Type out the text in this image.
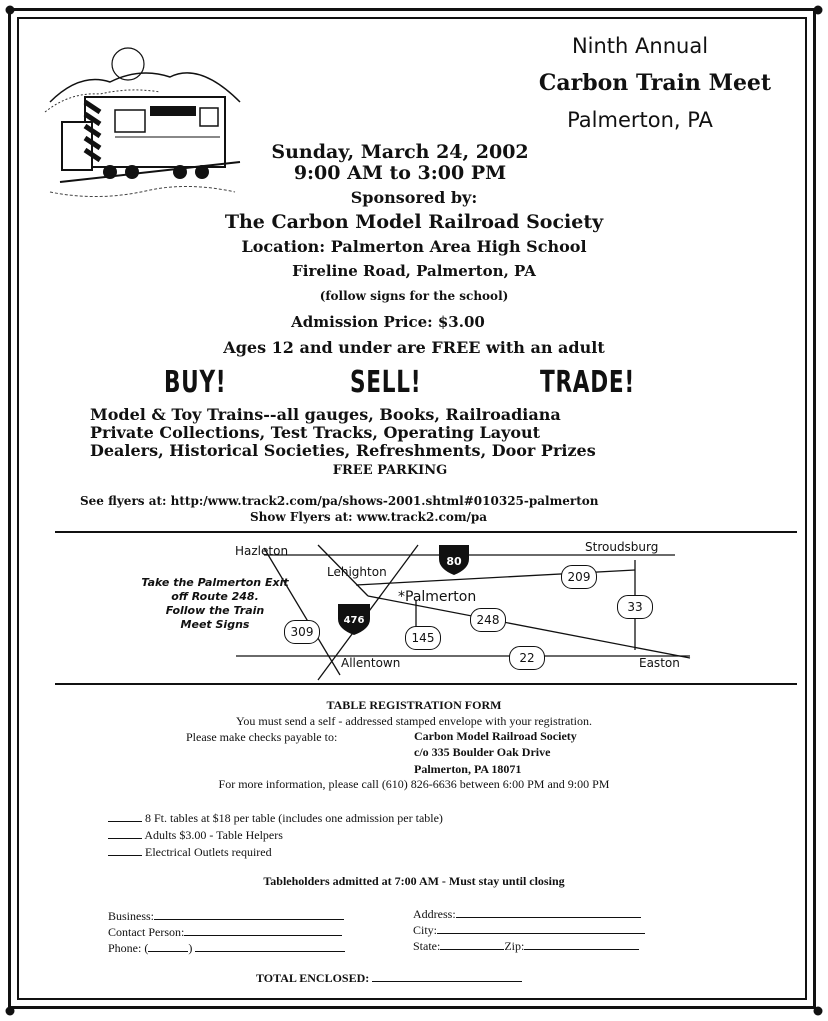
Ninth Annual
Carbon Train Meet
Palmerton, PA
Sunday, March 24, 2002
9:00 AM to 3:00 PM
Sponsored by:
The Carbon Model Railroad Society
Location: Palmerton Area High School
Fireline Road, Palmerton, PA
(follow signs for the school)
Admission Price: $3.00
Ages 12 and under are FREE with an adult
BUY!	SELL!	TRADE!
Model & Toy Trains--all gauges, Books, Railroadiana
Private Collections, Test Tracks, Operating Layout
Dealers, Historical Societies, Refreshments, Door Prizes
FREE PARKING
See flyers at: http:/www.track2.com/pa/shows-2001.shtml#010325-palmerton
Show Flyers at: www.track2.com/pa
80
476
209
33
309	145
248
22
Hazleton
Lehighton
Stroudsburg
*Palmerton
Allentown	Easton
Take the Palmerton Exit
off Route 248.
Follow the Train
Meet Signs
TABLE REGISTRATION FORM
You must send a self - addressed stamped envelope with your registration.
Please make checks payable to:	Carbon Model Railroad Society
c/o 335 Boulder Oak Drive
Palmerton, PA 18071
For more information, please call (610) 826-6636 between 6:00 PM and 9:00 PM
8 Ft. tables at $18 per table (includes one admission per table)
Adults $3.00 - Table Helpers
Electrical Outlets required
Tableholders admitted at 7:00 AM - Must stay until closing
Business:
Contact Person:
Phone: (	)
Address:
City:
State:	Zip:
TOTAL ENCLOSED:
